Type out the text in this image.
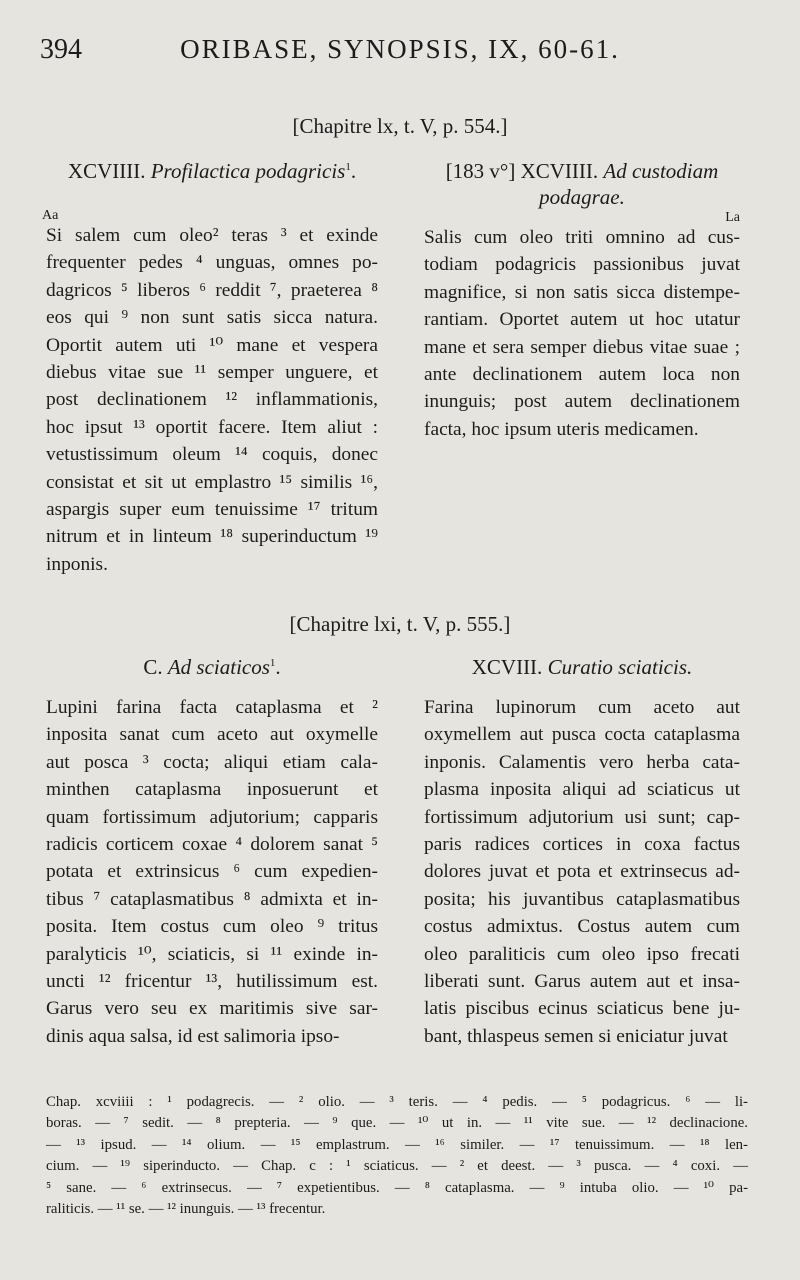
394	ORIBASE, SYNOPSIS, IX, 60-61.
[Chapitre lx, t. V, p. 554.]
XCVIIII. Profilactica podagricis$^1$.
Aa
Si salem cum oleo² teras ³ et exinde
frequenter pedes ⁴ unguas, omnes po-
dagricos ⁵ liberos ⁶ reddit ⁷, praeterea ⁸
eos qui ⁹ non sunt satis sicca natura.
Oportit autem uti ¹⁰ mane et vespera
diebus vitae sue ¹¹ semper unguere, et
post declinationem ¹² inflammationis,
hoc ipsut ¹³ oportit facere. Item aliut :
vetustissimum oleum ¹⁴ coquis, donec
consistat et sit ut emplastro ¹⁵ similis ¹⁶,
aspargis super eum tenuissime ¹⁷ tritum
nitrum et in linteum ¹⁸ superinductum ¹⁹
inponis.
[183 v°] XCVIIII. Ad custodiam
podagrae.
La
Salis cum oleo triti omnino ad cus-
todiam podagricis passionibus juvat
magnifice, si non satis sicca distempe-
rantiam. Oportet autem ut hoc utatur
mane et sera semper diebus vitae suae ;
ante declinationem autem loca non
inunguis; post autem declinationem
facta, hoc ipsum uteris medicamen.
[Chapitre lxi, t. V, p. 555.]
C. Ad sciaticos$^1$.
Lupini farina facta cataplasma et ²
inposita sanat cum aceto aut oxymelle
aut posca ³ cocta; aliqui etiam cala-
minthen cataplasma inposuerunt et
quam fortissimum adjutorium; capparis
radicis corticem coxae ⁴ dolorem sanat ⁵
potata et extrinsicus ⁶ cum expedien-
tibus ⁷ cataplasmatibus ⁸ admixta et in-
posita. Item costus cum oleo ⁹ tritus
paralyticis ¹⁰, sciaticis, si ¹¹ exinde in-
uncti ¹² fricentur ¹³, hutilissimum est.
Garus vero seu ex maritimis sive sar-
dinis aqua salsa, id est salimoria ipso-
XCVIII. Curatio sciaticis.
Farina lupinorum cum aceto aut
oxymellem aut pusca cocta cataplasma
inponis. Calamentis vero herba cata-
plasma inposita aliqui ad sciaticus ut
fortissimum adjutorium usi sunt; cap-
paris radices cortices in coxa factus
dolores juvat et pota et extrinsecus ad-
posita; his juvantibus cataplasmatibus
costus admixtus. Costus autem cum
oleo paraliticis cum oleo ipso frecati
liberati sunt. Garus autem aut et insa-
latis piscibus ecinus sciaticus bene ju-
bant, thlaspeus semen si eniciatur juvat
Chap. xcviiii : ¹ podagrecis. — ² olio. — ³ teris. — ⁴ pedis. — ⁵ podagricus. ⁶ — li-
boras. — ⁷ sedit. — ⁸ prepteria. — ⁹ que. — ¹⁰ ut in. — ¹¹ vite sue. — ¹² declinacione.
— ¹³ ipsud. — ¹⁴ olium. — ¹⁵ emplastrum. — ¹⁶ similer. — ¹⁷ tenuissimum. — ¹⁸ len-
cium. — ¹⁹ siperinducto. — Chap. c : ¹ sciaticus. — ² et deest. — ³ pusca. — ⁴ coxi. —
⁵ sane. — ⁶ extrinsecus. — ⁷ expetientibus. — ⁸ cataplasma. — ⁹ intuba olio. — ¹⁰ pa-
raliticis. — ¹¹ se. — ¹² inunguis. — ¹³ frecentur.
